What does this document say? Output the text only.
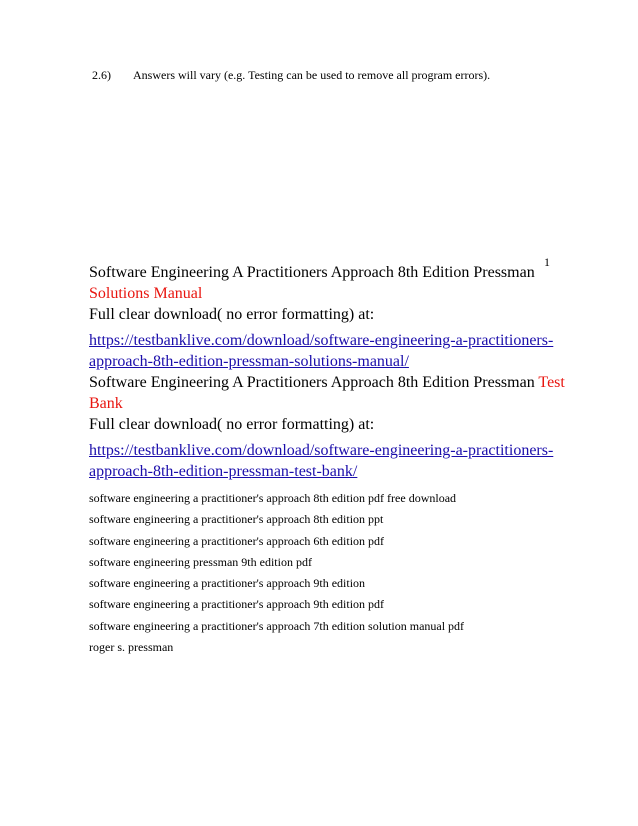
2.6) Answers will vary (e.g. Testing can be used to remove all program errors).
1
Software Engineering A Practitioners Approach 8th Edition Pressman
Solutions Manual
Full clear download( no error formatting) at:
https://testbanklive.com/download/software-engineering-a-practitioners-
approach-8th-edition-pressman-solutions-manual/
Software Engineering A Practitioners Approach 8th Edition Pressman Test
Bank
Full clear download( no error formatting) at:
https://testbanklive.com/download/software-engineering-a-practitioners-
approach-8th-edition-pressman-test-bank/
software engineering a practitioner's approach 8th edition pdf free download
software engineering a practitioner's approach 8th edition ppt
software engineering a practitioner's approach 6th edition pdf
software engineering pressman 9th edition pdf
software engineering a practitioner's approach 9th edition
software engineering a practitioner's approach 9th edition pdf
software engineering a practitioner's approach 7th edition solution manual pdf
roger s. pressman
